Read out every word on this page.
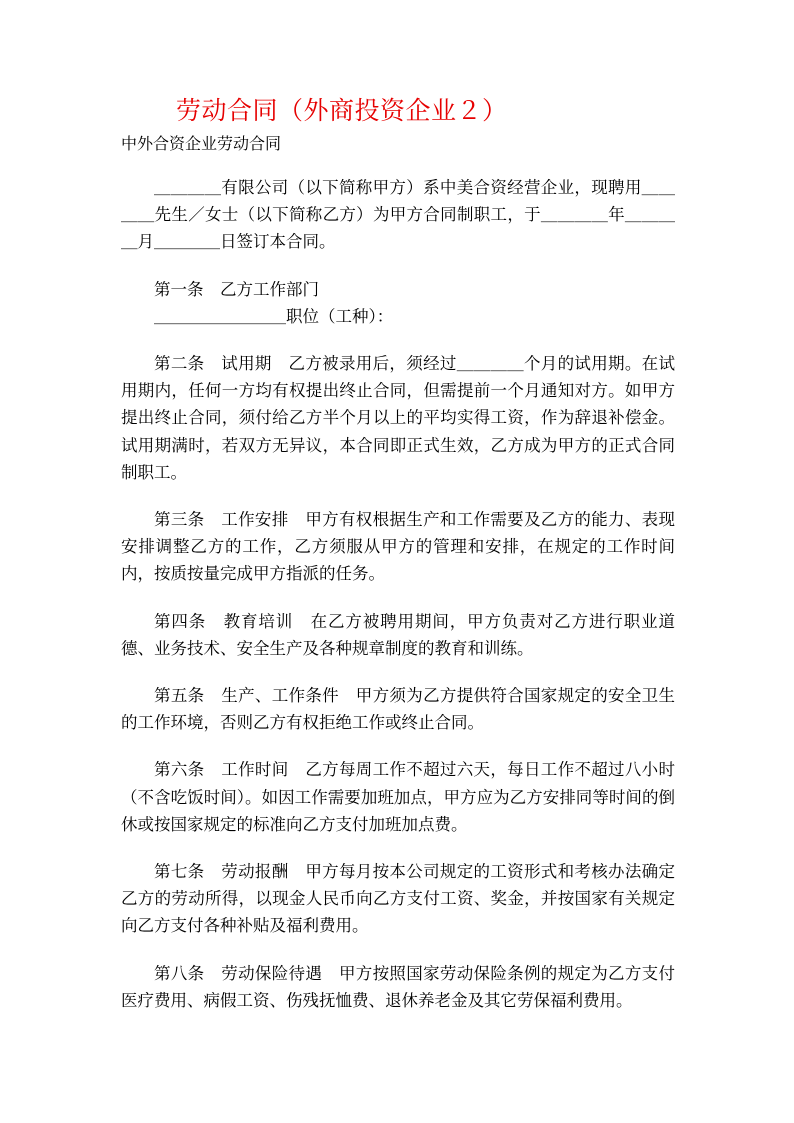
劳动合同（外商投资企业２）
中外合资企业劳动合同

＿＿＿＿有限公司（以下简称甲方）系中美合资经营企业，现聘用＿＿＿＿先生／女士（以下简称乙方）为甲方合同制职工，于＿＿＿＿年＿＿＿＿月＿＿＿＿日签订本合同。

第一条　乙方工作部门

＿＿＿＿＿＿＿＿职位（工种）：

第二条　试用期　乙方被录用后，须经过＿＿＿＿个月的试用期。在试用期内，任何一方均有权提出终止合同，但需提前一个月通知对方。如甲方提出终止合同，须付给乙方半个月以上的平均实得工资，作为辞退补偿金。试用期满时，若双方无异议，本合同即正式生效，乙方成为甲方的正式合同制职工。

第三条　工作安排　甲方有权根据生产和工作需要及乙方的能力、表现安排调整乙方的工作，乙方须服从甲方的管理和安排，在规定的工作时间内，按质按量完成甲方指派的任务。

第四条　教育培训　在乙方被聘用期间，甲方负责对乙方进行职业道德、业务技术、安全生产及各种规章制度的教育和训练。

第五条　生产、工作条件　甲方须为乙方提供符合国家规定的安全卫生的工作环境，否则乙方有权拒绝工作或终止合同。

第六条　工作时间　乙方每周工作不超过六天，每日工作不超过八小时（不含吃饭时间）。如因工作需要加班加点，甲方应为乙方安排同等时间的倒休或按国家规定的标准向乙方支付加班加点费。

第七条　劳动报酬　甲方每月按本公司规定的工资形式和考核办法确定乙方的劳动所得，以现金人民币向乙方支付工资、奖金，并按国家有关规定向乙方支付各种补贴及福利费用。

第八条　劳动保险待遇　甲方按照国家劳动保险条例的规定为乙方支付医疗费用、病假工资、伤残抚恤费、退休养老金及其它劳保福利费用。
